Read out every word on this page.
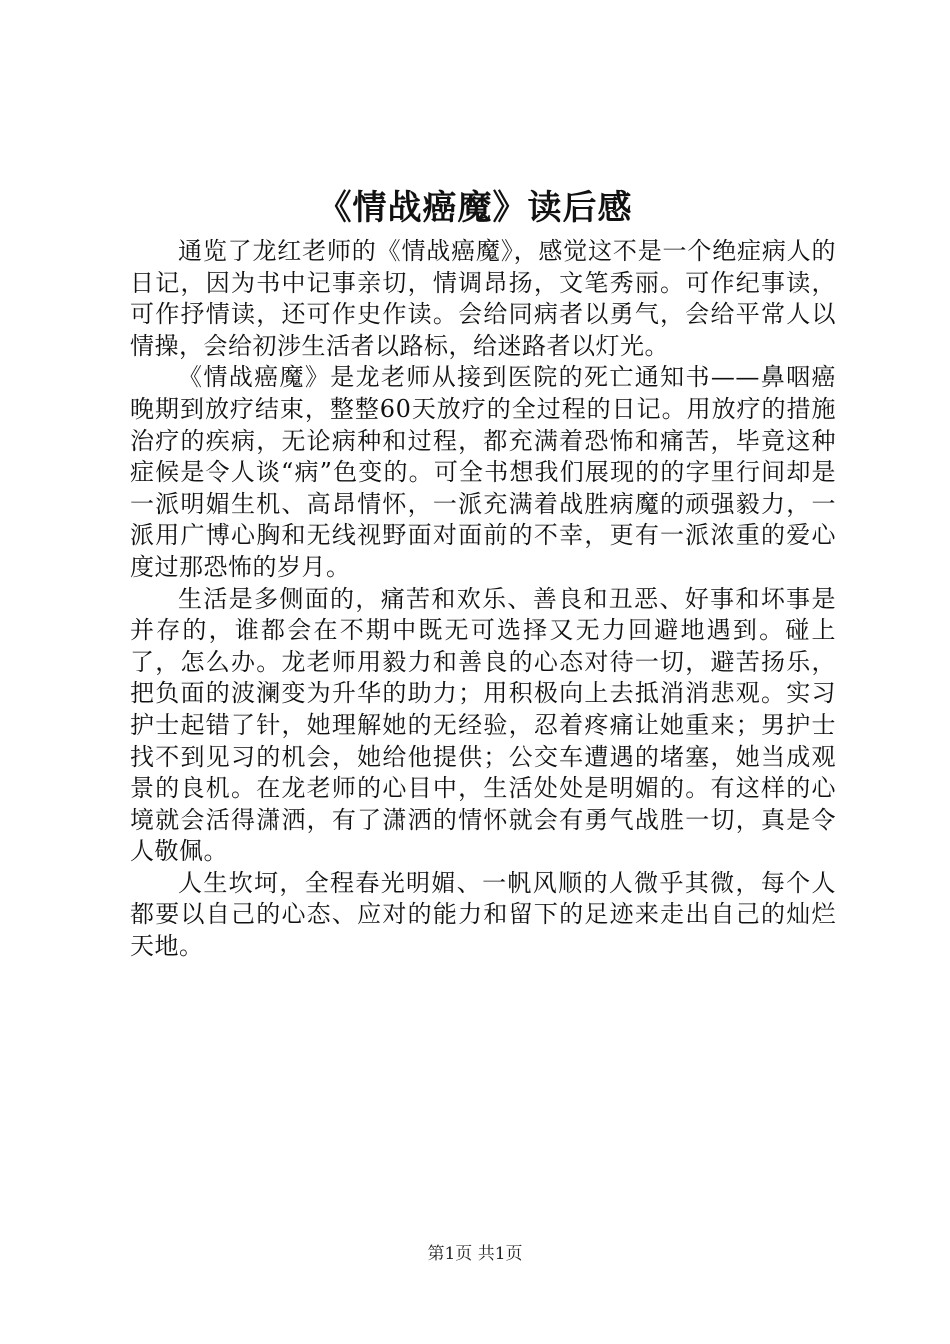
《情战癌魔》读后感

通览了龙红老师的《情战癌魔》，感觉这不是一个绝症病人的日记，因为书中记事亲切，情调昂扬，文笔秀丽。可作纪事读，可作抒情读，还可作史作读。会给同病者以勇气，会给平常人以情操，会给初涉生活者以路标，给迷路者以灯光。

《情战癌魔》是龙老师从接到医院的死亡通知书——鼻咽癌晚期到放疗结束，整整60天放疗的全过程的日记。用放疗的措施治疗的疾病，无论病种和过程，都充满着恐怖和痛苦，毕竟这种症候是令人谈“病”色变的。可全书想我们展现的的字里行间却是一派明媚生机、高昂情怀，一派充满着战胜病魔的顽强毅力，一派用广博心胸和无线视野面对面前的不幸，更有一派浓重的爱心度过那恐怖的岁月。

生活是多侧面的，痛苦和欢乐、善良和丑恶、好事和坏事是并存的，谁都会在不期中既无可选择又无力回避地遇到。碰上了，怎么办。龙老师用毅力和善良的心态对待一切，避苦扬乐，把负面的波澜变为升华的助力；用积极向上去抵消消悲观。实习护士起错了针，她理解她的无经验，忍着疼痛让她重来；男护士找不到见习的机会，她给他提供；公交车遭遇的堵塞，她当成观景的良机。在龙老师的心目中，生活处处是明媚的。有这样的心境就会活得潇洒，有了潇洒的情怀就会有勇气战胜一切，真是令人敬佩。

人生坎坷，全程春光明媚、一帆风顺的人微乎其微，每个人都要以自己的心态、应对的能力和留下的足迹来走出自己的灿烂天地。

第1页 共1页
